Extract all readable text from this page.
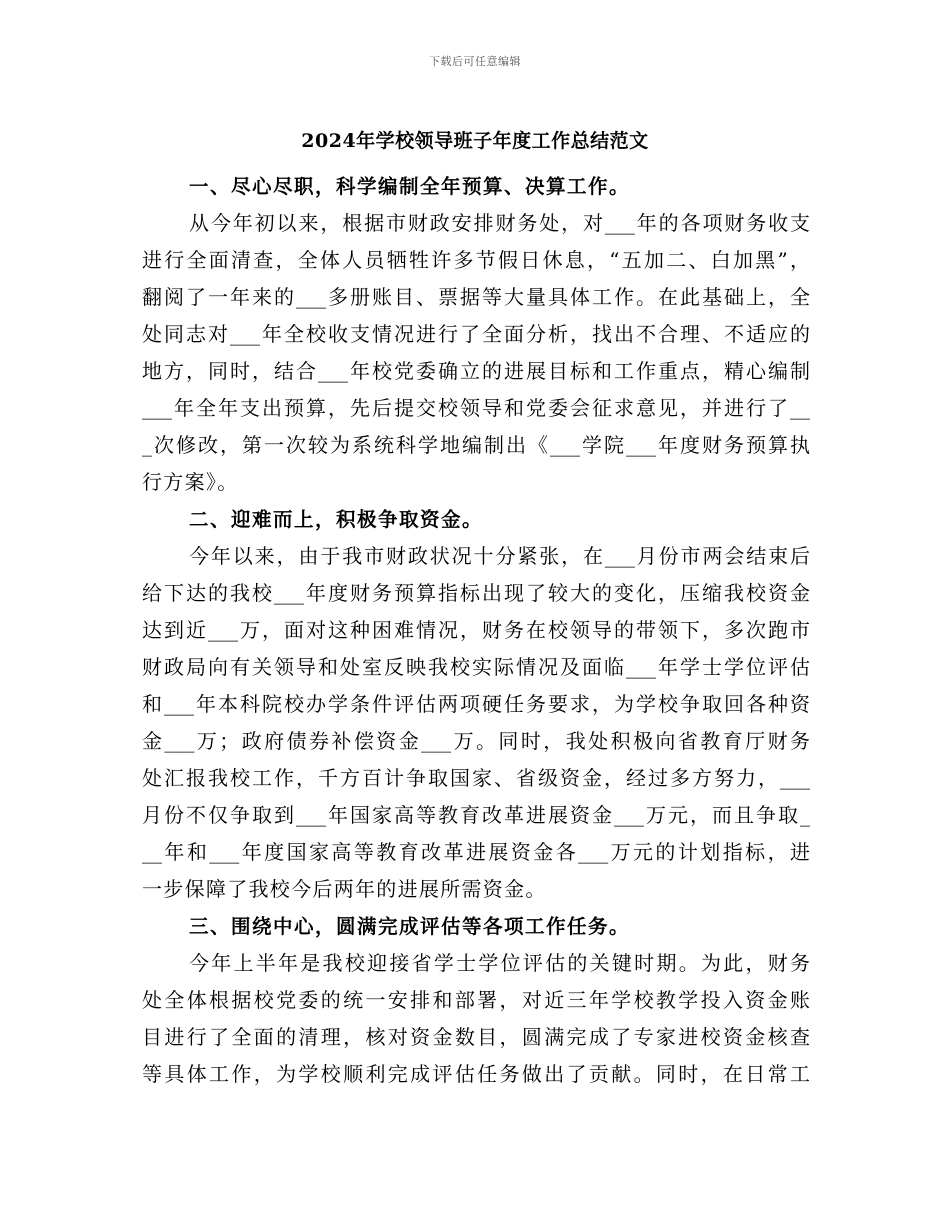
下载后可任意编辑
2024年学校领导班子年度工作总结范文
一、尽心尽职，科学编制全年预算、决算工作。

从今年初以来，根据市财政安排财务处，对___年的各项财务收支
进行全面清查，全体人员牺牲许多节假日休息，“五加二、白加黑”，
翻阅了一年来的___多册账目、票据等大量具体工作。在此基础上，全
处同志对___年全校收支情况进行了全面分析，找出不合理、不适应的
地方，同时，结合___年校党委确立的进展目标和工作重点，精心编制
___年全年支出预算，先后提交校领导和党委会征求意见，并进行了__
_次修改，第一次较为系统科学地编制出《___学院___年度财务预算执
行方案》。

二、迎难而上，积极争取资金。

今年以来，由于我市财政状况十分紧张，在___月份市两会结束后
给下达的我校___年度财务预算指标出现了较大的变化，压缩我校资金
达到近___万，面对这种困难情况，财务在校领导的带领下，多次跑市
财政局向有关领导和处室反映我校实际情况及面临___年学士学位评估
和___年本科院校办学条件评估两项硬任务要求，为学校争取回各种资
金___万；政府债券补偿资金___万。同时，我处积极向省教育厅财务
处汇报我校工作，千方百计争取国家、省级资金，经过多方努力，___
月份不仅争取到___年国家高等教育改革进展资金___万元，而且争取_
__年和___年度国家高等教育改革进展资金各___万元的计划指标，进
一步保障了我校今后两年的进展所需资金。

三、围绕中心，圆满完成评估等各项工作任务。

今年上半年是我校迎接省学士学位评估的关键时期。为此，财务
处全体根据校党委的统一安排和部署，对近三年学校教学投入资金账
目进行了全面的清理，核对资金数目，圆满完成了专家进校资金核查
等具体工作，为学校顺利完成评估任务做出了贡献。同时，在日常工
